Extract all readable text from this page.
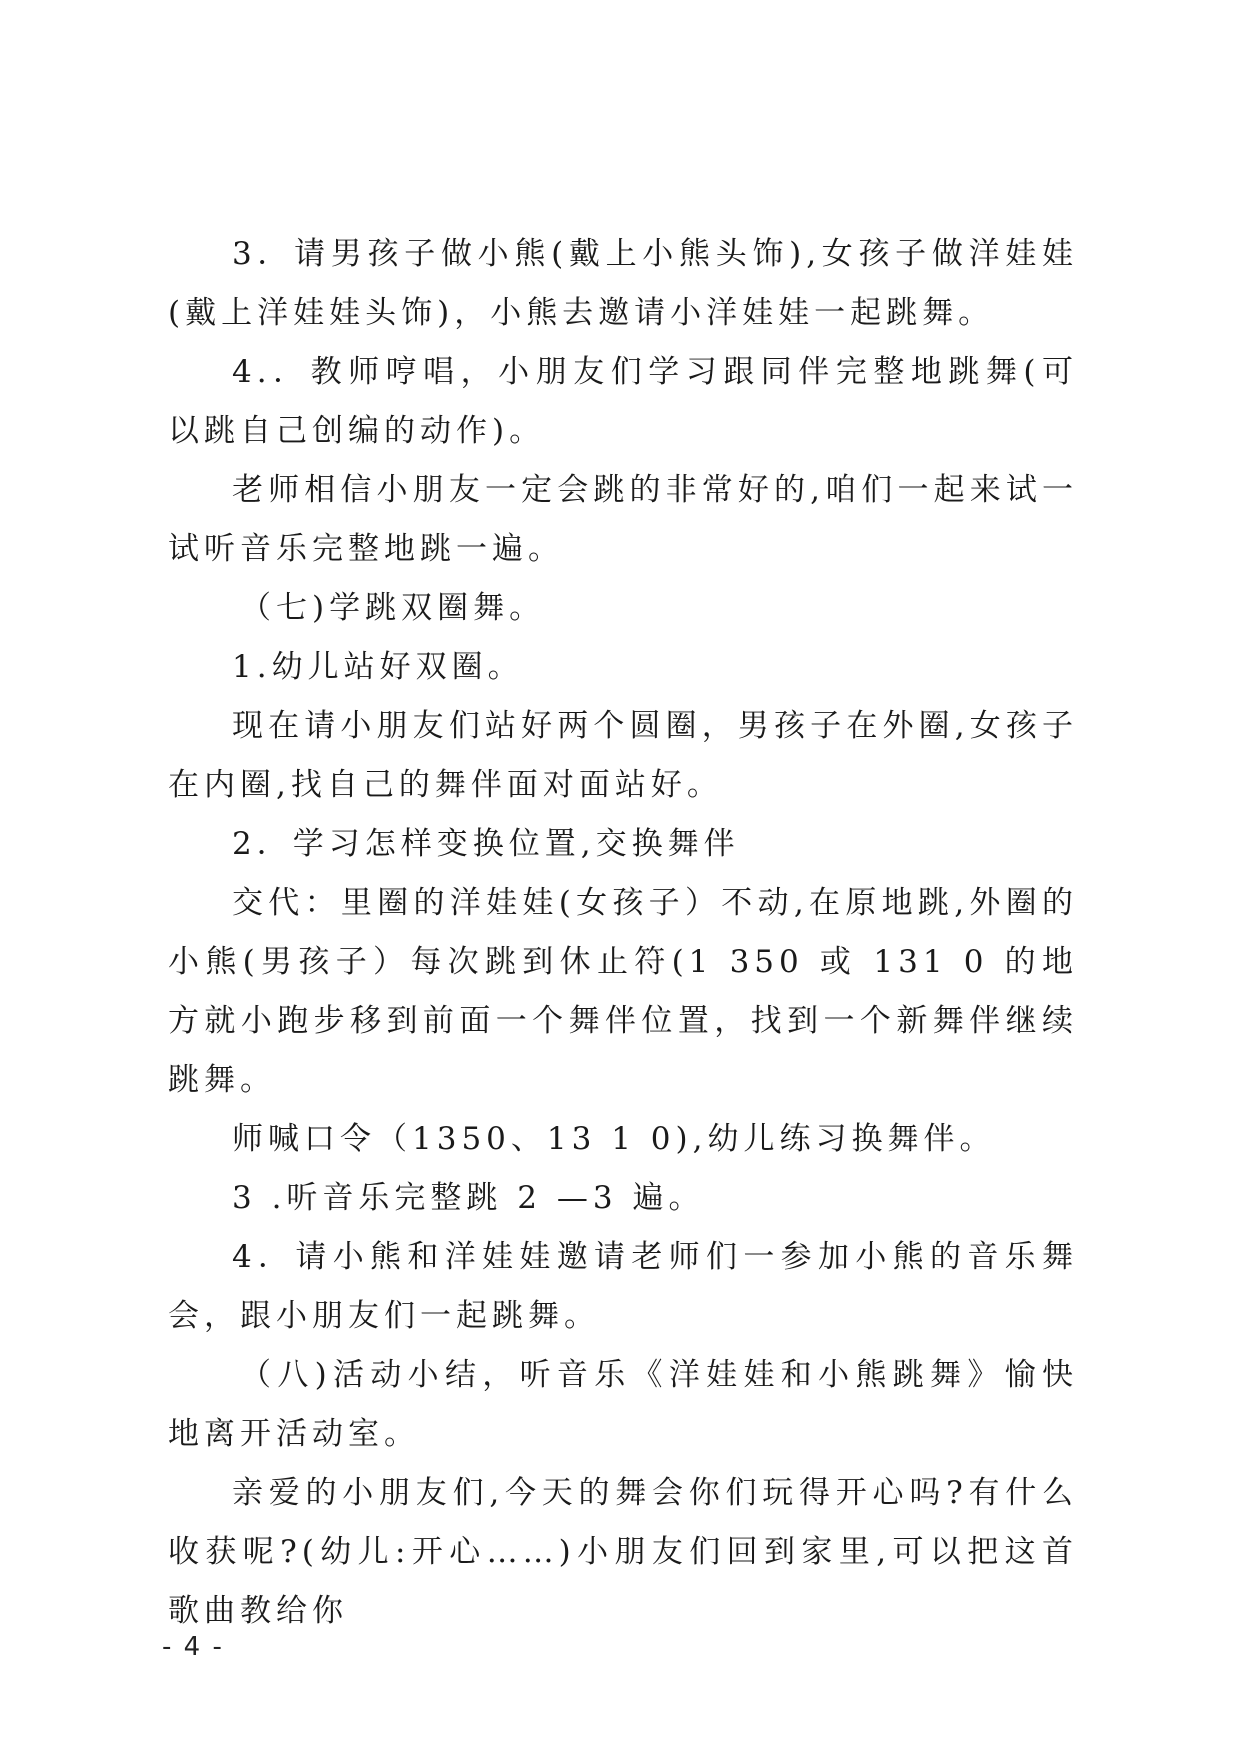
3．请男孩子做小熊(戴上小熊头饰),女孩子做洋娃娃(戴上洋娃娃头饰)，小熊去邀请小洋娃娃一起跳舞。

4.．教师哼唱，小朋友们学习跟同伴完整地跳舞(可以跳自己创编的动作)。

老师相信小朋友一定会跳的非常好的,咱们一起来试一试听音乐完整地跳一遍。

（七)学跳双圈舞。

1.幼儿站好双圈。

现在请小朋友们站好两个圆圈，男孩子在外圈,女孩子在内圈,找自己的舞伴面对面站好。

2．学习怎样变换位置,交换舞伴

交代：里圈的洋娃娃(女孩子）不动,在原地跳,外圈的小熊(男孩子）每次跳到休止符(1 350 或 131 0 的地方就小跑步移到前面一个舞伴位置，找到一个新舞伴继续跳舞。

师喊口令（1350、13 1 0),幼儿练习换舞伴。

3 .听音乐完整跳 2 —3 遍。

4．请小熊和洋娃娃邀请老师们一参加小熊的音乐舞会，跟小朋友们一起跳舞。

（八)活动小结，听音乐《洋娃娃和小熊跳舞》愉快地离开活动室。

亲爱的小朋友们,今天的舞会你们玩得开心吗?有什么收获呢?(幼儿:开心……)小朋友们回到家里,可以把这首歌曲教给你

- 4 -
